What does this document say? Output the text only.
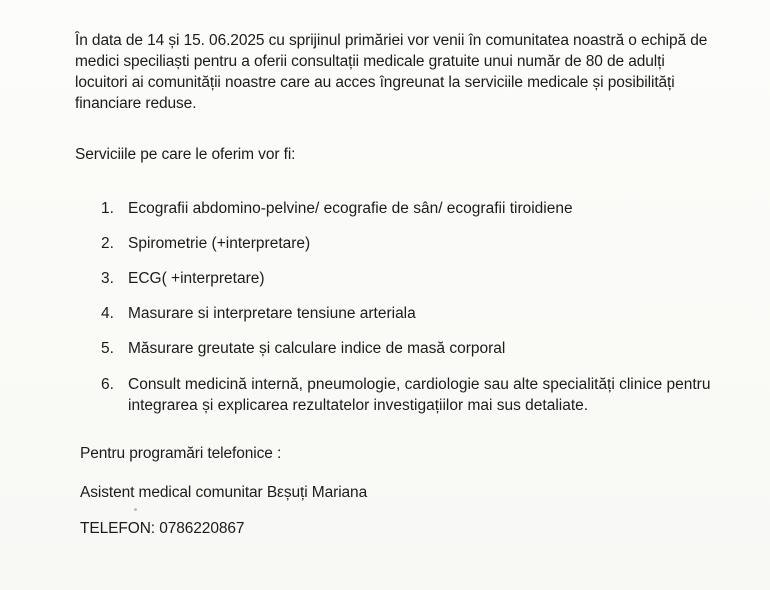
În data de 14 și 15. 06.2025 cu sprijinul primăriei vor venii în comunitatea noastră o echipă de medici speciliaști pentru a oferii consultații medicale gratuite unui număr de 80 de adulți locuitori ai comunității noastre care au acces îngreunat la serviciile medicale și posibilități financiare reduse.

Serviciile pe care le oferim vor fi:

1. Ecografii abdomino-pelvine/ ecografie de sân/ ecografii tiroidiene
2. Spirometrie (+interpretare)
3. ECG( +interpretare)
4. Masurare si interpretare tensiune arteriala
5. Măsurare greutate și calculare indice de masă corporal
6. Consult medicină internă, pneumologie, cardiologie sau alte specialități clinice pentru integrarea și explicarea rezultatelor investigațiilor mai sus detaliate.

Pentru programări telefonice :

Asistent medical comunitar Bεșuți Mariana

TELEFON: 0786220867
